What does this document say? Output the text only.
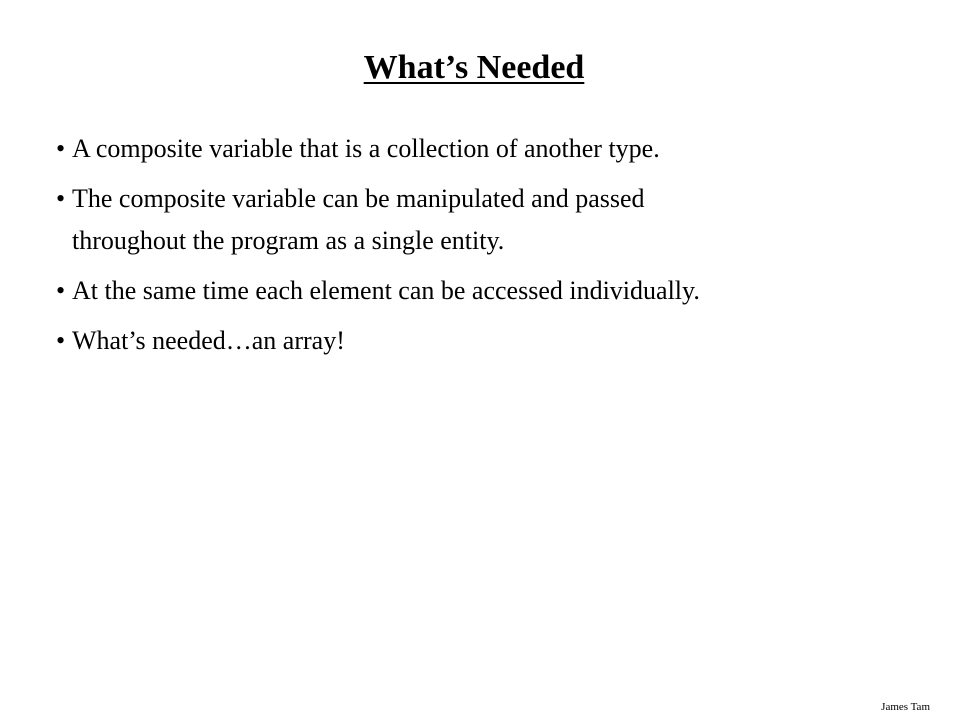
What’s Needed
• A composite variable that is a collection of another type.
• The composite variable can be manipulated and passed
throughout the program as a single entity.
• At the same time each element can be accessed individually.
• What’s needed…an array!
James Tam
